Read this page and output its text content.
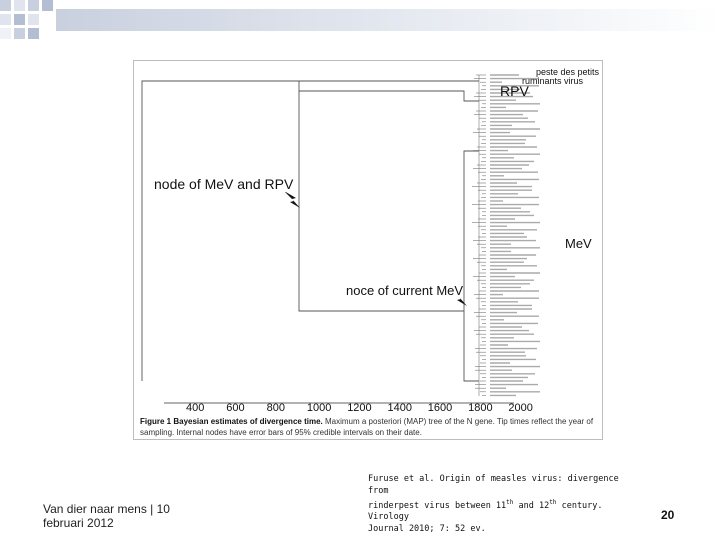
peste des petits
ruminants virus
RPV
MeV
node of MeV and RPV
noce of current MeV
400 600 800 1000 1200 1400 1600 1800 2000
Figure 1 Bayesian estimates of divergence time. Maximum a posteriori (MAP) tree of the N gene. Tip times reflect the year of sampling. Internal nodes have error bars of 95% credible intervals on their date.
Van dier naar mens | 10
februari 2012
Furuse et al. Origin of measles virus: divergence from
rinderpest virus between 11th and 12th century. Virology
Journal 2010; 7: 52 ev.
20
